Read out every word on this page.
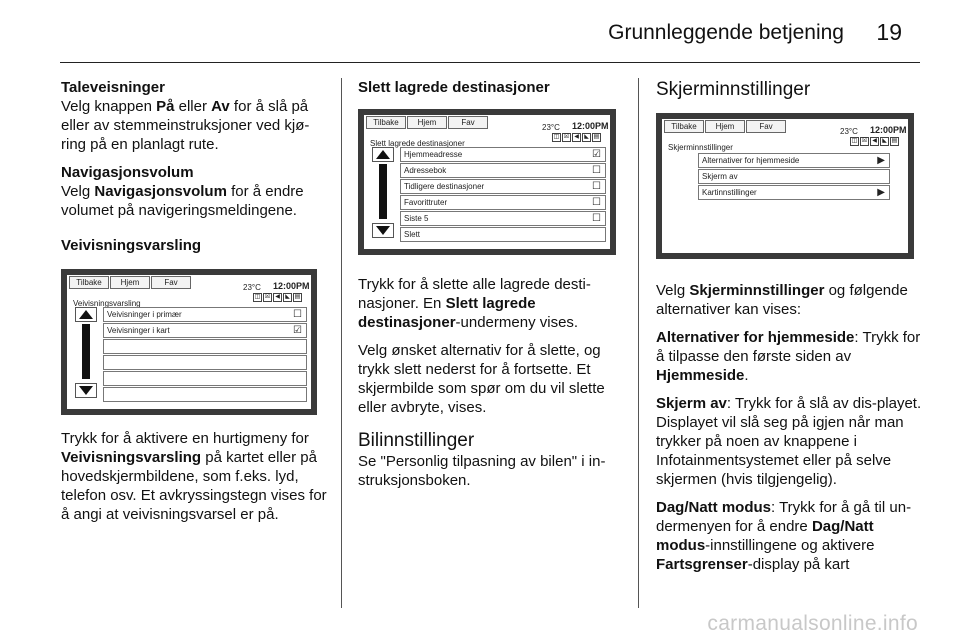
Grunnleggende betjening 19
Taleveisninger

Velg knappen På eller Av for å slå på eller av stemmeinstruksjoner ved kjø-ring på en planlagt rute.

Navigasjonsvolum

Velg Navigasjonsvolum for å endre volumet på navigeringsmeldingene.

Veivisningsvarsling
Tilbake	Hjem	Fav
23°C 12:00PM
Veivisningsvarsling
◫ ☒ ◀ ◣ ▤
Veivisninger i primær	☐
Veivisninger i kart	☑

Trykk for å aktivere en hurtigmeny for Veivisningsvarsling på kartet eller på hovedskjermbildene, som f.eks. lyd, telefon osv. Et avkryssingstegn vises for å angi at veivisningsvarsel er på.

Slett lagrede destinasjoner
Tilbake	Hjem	Fav
23°C 12:00PM
Slett lagrede destinasjoner
◫ ☒ ◀ ◣ ▤
Hjemmeadresse	☑
Adressebok	☐
Tidligere destinasjoner	☐
Favorittruter	☐
Siste 5	☐
Slett

Trykk for å slette alle lagrede desti-nasjoner. En Slett lagrede destinasjoner-undermeny vises.

Velg ønsket alternativ for å slette, og trykk slett nederst for å fortsette. Et skjermbilde som spør om du vil slette eller avbryte, vises.

Bilinnstillinger

Se "Personlig tilpasning av bilen" i in-struksjonsboken.

Skjerminnstillinger
Tilbake	Hjem	Fav
23°C 12:00PM
Skjerminnstillinger
◫ ☒ ◀ ◣ ▤
Alternativer for hjemmeside	▶
Skjerm av
Kartinnstillinger	▶

Velg Skjerminnstillinger og følgende alternativer kan vises:

Alternativer for hjemmeside: Trykk for å tilpasse den første siden av Hjemmeside.

Skjerm av: Trykk for å slå av dis-playet. Displayet vil slå seg på igjen når man trykker på noen av knappene i Infotainmentsystemet eller på selve skjermen (hvis tilgjengelig).

Dag/Natt modus: Trykk for å gå til un-dermenyen for å endre Dag/Natt modus-innstillingene og aktivere Fartsgrenser-display på kart

carmanualsonline.info
